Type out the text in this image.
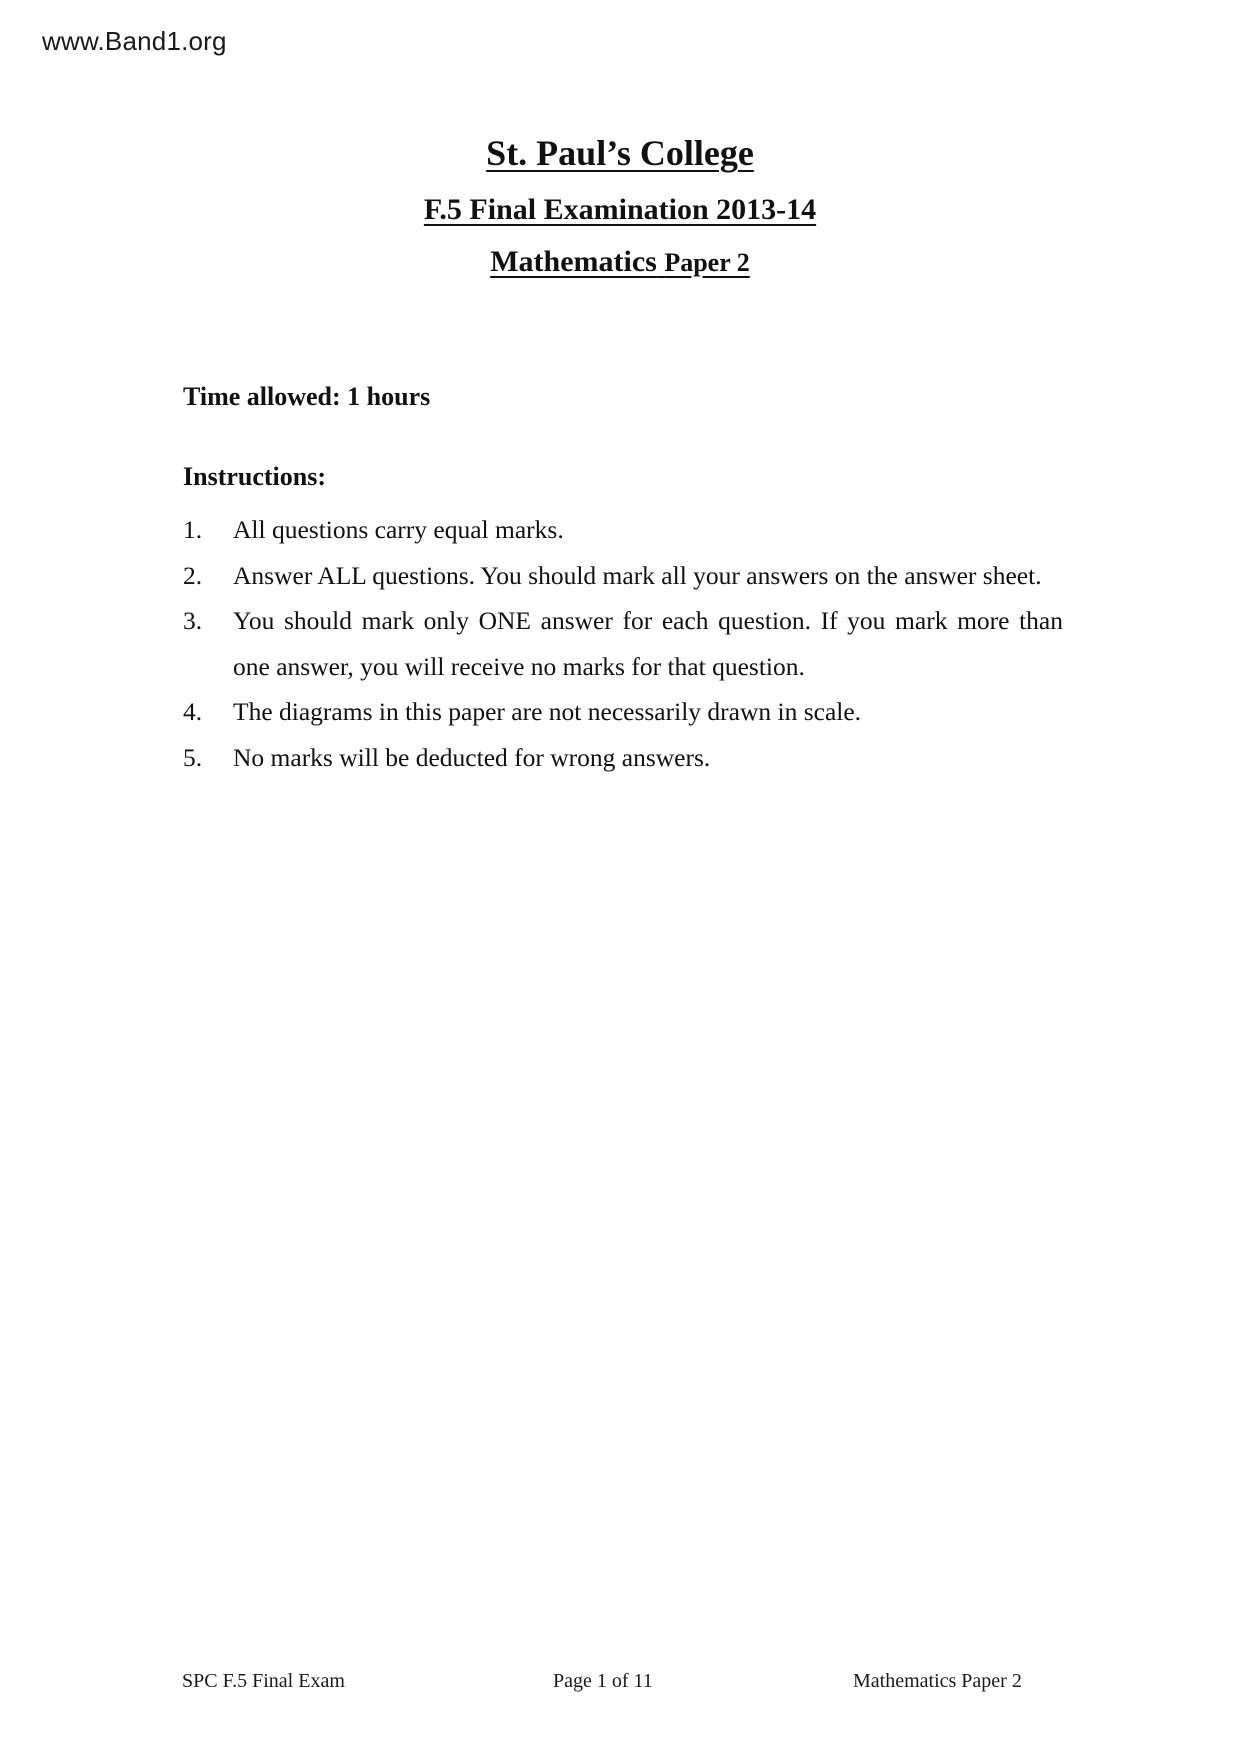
www.Band1.org
St. Paul’s College
F.5 Final Examination 2013-14
Mathematics Paper 2
Time allowed: 1 hours
Instructions:
1.	All questions carry equal marks.
2.	Answer ALL questions. You should mark all your answers on the answer sheet.
3.	You should mark only ONE answer for each question. If you mark more than one answer, you will receive no marks for that question.
4.	The diagrams in this paper are not necessarily drawn in scale.
5.	No marks will be deducted for wrong answers.
SPC F.5 Final Exam	Page 1 of 11	Mathematics Paper 2
